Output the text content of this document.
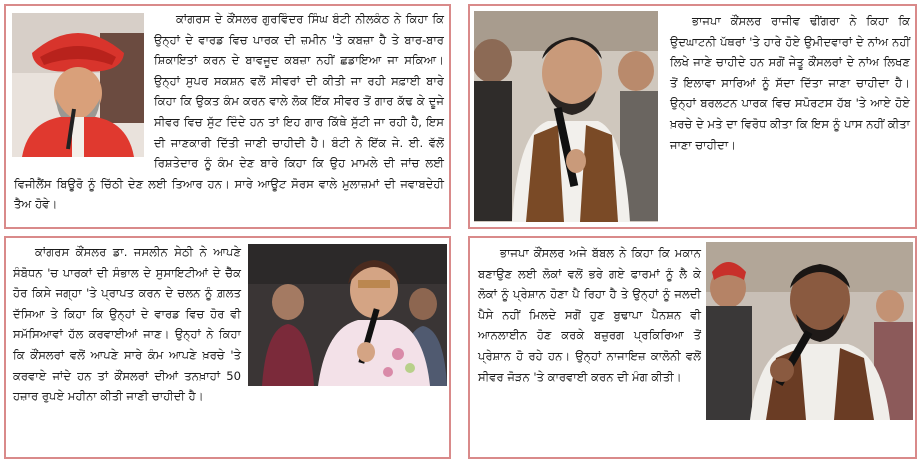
ਕਾਂਗਰਸ ਦੇ ਕੌਂਸਲਰ ਗੁਰਵਿੰਦਰ ਸਿੰਘ ਬੰਟੀ ਨੀਲਕੰਠ ਨੇ ਕਿਹਾ ਕਿ ਉਨ੍ਹਾਂ ਦੇ ਵਾਰਡ ਵਿਚ ਪਾਰਕ ਦੀ ਜ਼ਮੀਨ 'ਤੇ ਕਬਜ਼ਾ ਹੈ ਤੇ ਬਾਰ-ਬਾਰ ਸ਼ਿਕਾਇਤਾਂ ਕਰਨ ਦੇ ਬਾਵਜੂਦ ਕਬਜ਼ਾ ਨਹੀਂ ਛਡਾਇਆ ਜਾ ਸਕਿਆ। ਉਨ੍ਹਾਂ ਸੁਪਰ ਸਕਸ਼ਨ ਵਲੋਂ ਸੀਵਰਾਂ ਦੀ ਕੀਤੀ ਜਾ ਰਹੀ ਸਫ਼ਾਈ ਬਾਰੇ ਕਿਹਾ ਕਿ ਉਕਤ ਕੰਮ ਕਰਨ ਵਾਲੇ ਲੋਕ ਇੱਕ ਸੀਵਰ ਤੋਂ ਗਾਰ ਕੱਢ ਕੇ ਦੂਜੇ ਸੀਵਰ ਵਿਚ ਸੁੱਟ ਦਿੰਦੇ ਹਨ ਤਾਂ ਇਹ ਗਾਰ ਕਿੱਥੇ ਸੁੱਟੀ ਜਾ ਰਹੀ ਹੈ, ਇਸ ਦੀ ਜਾਣਕਾਰੀ ਦਿੱਤੀ ਜਾਣੀ ਚਾਹੀਦੀ ਹੈ। ਬੰਟੀ ਨੇ ਇੱਕ ਜੇ. ਈ. ਵੱਲੋਂ ਰਿਸ਼ਤੇਦਾਰ ਨੂੰ ਕੰਮ ਦੇਣ ਬਾਰੇ ਕਿਹਾ ਕਿ ਉਹ ਮਾਮਲੇ ਦੀ ਜਾਂਚ ਲਈ ਵਿਜੀਲੈਂਸ ਬਿਊਰੋ ਨੂੰ ਚਿੱਠੀ ਦੇਣ ਲਈ ਤਿਆਰ ਹਨ। ਸਾਰੇ ਆਊਟ ਸੋਰਸ ਵਾਲੇ ਮੁਲਾਜ਼ਮਾਂ ਦੀ ਜਵਾਬਦੇਹੀ ਤੈਅ ਹੋਵੇ।

ਭਾਜਪਾ ਕੌਂਸਲਰ ਰਾਜੀਵ ਢੀਂਗਰਾ ਨੇ ਕਿਹਾ ਕਿ ਉਦਘਾਟਨੀ ਪੱਥਰਾਂ 'ਤੇ ਹਾਰੇ ਹੋਏ ਉਮੀਦਵਾਰਾਂ ਦੇ ਨਾਂਅ ਨਹੀਂ ਲਿਖੇ ਜਾਣੇ ਚਾਹੀਦੇ ਹਨ ਸਗੋਂ ਜੇਤੂ ਕੌਂਸਲਰਾਂ ਦੇ ਨਾਂਅ ਲਿਖਣ ਤੋਂ ਇਲਾਵਾ ਸਾਰਿਆਂ ਨੂੰ ਸੱਦਾ ਦਿੱਤਾ ਜਾਣਾ ਚਾਹੀਦਾ ਹੈ। ਉਨ੍ਹਾਂ ਬਰਲਟਨ ਪਾਰਕ ਵਿਚ ਸਪੋਰਟਸ ਹੱਬ 'ਤੇ ਆਏ ਹੋਏ ਖ਼ਰਚੇ ਦੇ ਮਤੇ ਦਾ ਵਿਰੋਧ ਕੀਤਾ ਕਿ ਇਸ ਨੂੰ ਪਾਸ ਨਹੀਂ ਕੀਤਾ ਜਾਣਾ ਚਾਹੀਦਾ।

ਕਾਂਗਰਸ ਕੌਂਸਲਰ ਡਾ. ਜਸਲੀਨ ਸੇਠੀ ਨੇ ਆਪਣੇ ਸੰਬੋਧਨ 'ਚ ਪਾਰਕਾਂ ਦੀ ਸੰਭਾਲ ਦੇ ਸੁਸਾਇਟੀਆਂ ਦੇ ਚੈੱਕ ਹੋਰ ਕਿਸੇ ਜਗ੍ਹਾ 'ਤੇ ਪ੍ਰਾਪਤ ਕਰਨ ਦੇ ਚਲਨ ਨੂੰ ਗ਼ਲਤ ਦੱਸਿਆ ਤੇ ਕਿਹਾ ਕਿ ਉਨ੍ਹਾਂ ਦੇ ਵਾਰਡ ਵਿਚ ਹੋਰ ਵੀ ਸਮੱਸਿਆਵਾਂ ਹੱਲ ਕਰਵਾਈਆਂ ਜਾਣ। ਉਨ੍ਹਾਂ ਨੇ ਕਿਹਾ ਕਿ ਕੌਂਸਲਰਾਂ ਵਲੋਂ ਆਪਣੇ ਸਾਰੇ ਕੰਮ ਆਪਣੇ ਖ਼ਰਚੇ 'ਤੇ ਕਰਵਾਏ ਜਾਂਦੇ ਹਨ ਤਾਂ ਕੌਂਸਲਰਾਂ ਦੀਆਂ ਤਨਖ਼ਾਹਾਂ 50 ਹਜ਼ਾਰ ਰੁਪਏ ਮਹੀਨਾ ਕੀਤੀ ਜਾਣੀ ਚਾਹੀਦੀ ਹੈ।

ਭਾਜਪਾ ਕੌਂਸਲਰ ਅਜੇ ਬੱਬਲ ਨੇ ਕਿਹਾ ਕਿ ਮਕਾਨ ਬਣਾਉਣ ਲਈ ਲੋਕਾਂ ਵਲੋਂ ਭਰੇ ਗਏ ਫਾਰਮਾਂ ਨੂੰ ਲੈ ਕੇ ਲੋਕਾਂ ਨੂੰ ਪ੍ਰੇਸ਼ਾਨ ਹੋਣਾ ਪੈ ਰਿਹਾ ਹੈ ਤੇ ਉਨ੍ਹਾਂ ਨੂੰ ਜਲਦੀ ਪੈਸੇ ਨਹੀਂ ਮਿਲਦੇ ਸਗੋਂ ਹੁਣ ਬੁਢਾਪਾ ਪੈਨਸ਼ਨ ਵੀ ਆਨਲਾਈਨ ਹੋਣ ਕਰਕੇ ਬਜ਼ੁਰਗ ਪ੍ਰਕਿਰਿਆ ਤੋਂ ਪ੍ਰੇਸ਼ਾਨ ਹੋ ਰਹੇ ਹਨ। ਉਨ੍ਹਾਂ ਨਾਜਾਇਜ਼ ਕਾਲੋਨੀ ਵਲੋਂ ਸੀਵਰ ਜੋੜਨ 'ਤੇ ਕਾਰਵਾਈ ਕਰਨ ਦੀ ਮੰਗ ਕੀਤੀ।
